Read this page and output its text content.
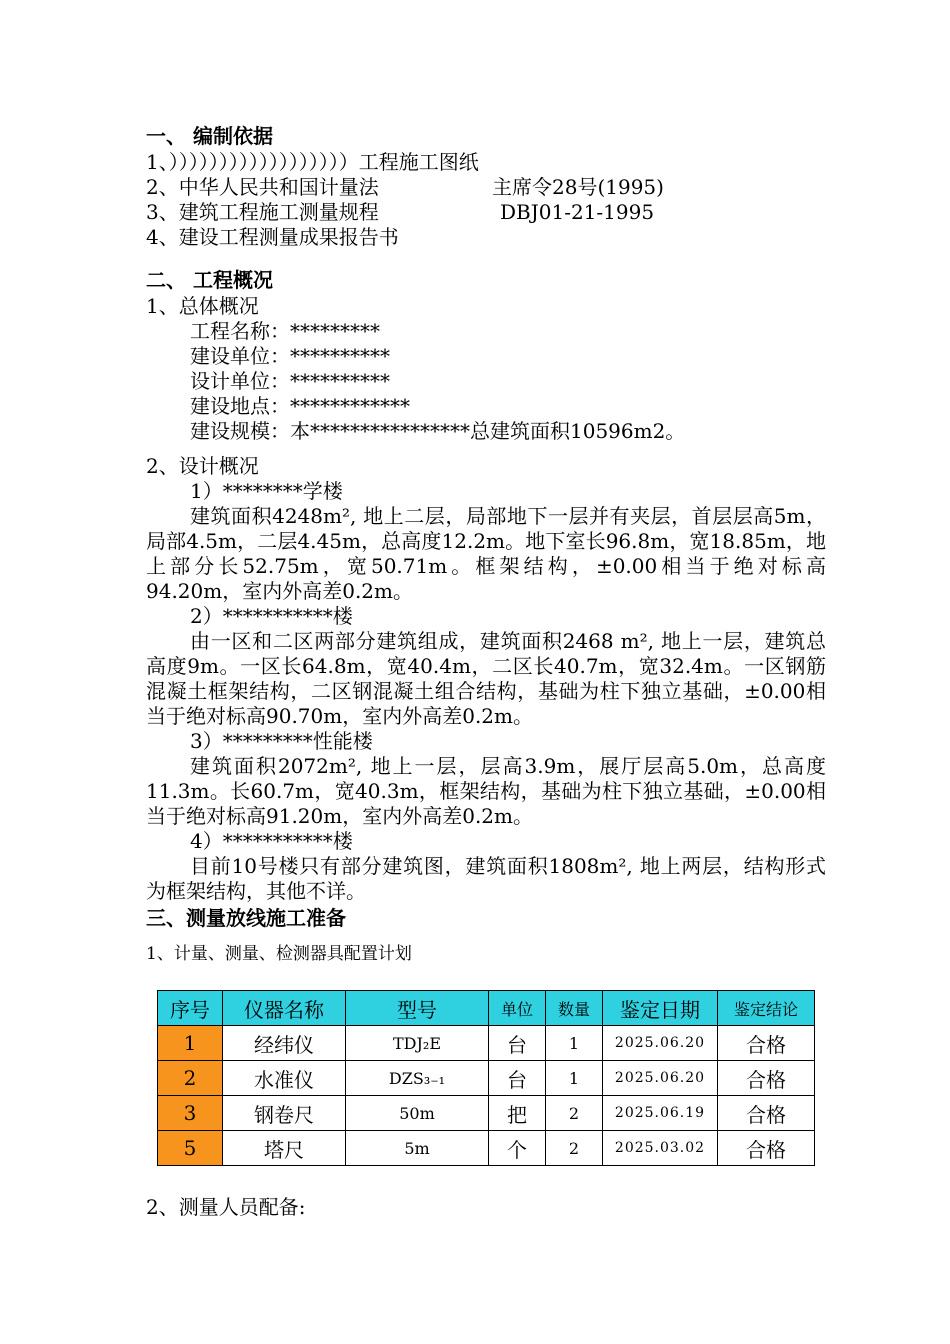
一、 编制依据
1、））））））））））））））））））工程施工图纸
2、中华人民共和国计量法	主席令28号(1995)
3、建筑工程施工测量规程	DBJ01-21-1995
4、建设工程测量成果报告书
二、 工程概况
1、总体概况
工程名称：*********
建设单位：**********
设计单位：**********
建设地点：************
建设规模：本****************总建筑面积10596m2。
2、设计概况
1）********学楼
建筑面积4248m², 地上二层，局部地下一层并有夹层，首层层高5m，局部4.5m，二层4.45m，总高度12.2m。地下室长96.8m，宽18.85m，地上部分长52.75m，宽50.71m。框架结构，±0.00相当于绝对标高94.20m，室内外高差0.2m。
2）***********楼
由一区和二区两部分建筑组成，建筑面积2468 m², 地上一层，建筑总高度9m。一区长64.8m，宽40.4m，二区长40.7m，宽32.4m。一区钢筋混凝土框架结构，二区钢混凝土组合结构，基础为柱下独立基础，±0.00相当于绝对标高90.70m，室内外高差0.2m。
3）*********性能楼
建筑面积2072m², 地上一层，层高3.9m，展厅层高5.0m，总高度11.3m。长60.7m，宽40.3m，框架结构，基础为柱下独立基础，±0.00相当于绝对标高91.20m，室内外高差0.2m。
4）***********楼
目前10号楼只有部分建筑图，建筑面积1808m², 地上两层，结构形式为框架结构，其他不详。
三、测量放线施工准备
1、计量、测量、检测器具配置计划
序号	仪器名称	型号	单位	数量	鉴定日期	鉴定结论
1	经纬仪	TDJ₂E	台	1	2025.06.20	合格
2	水准仪	DZS₃₋₁	台	1	2025.06.20	合格
3	钢卷尺	50m	把	2	2025.06.19	合格
5	塔尺	5m	个	2	2025.03.02	合格
2、测量人员配备:
